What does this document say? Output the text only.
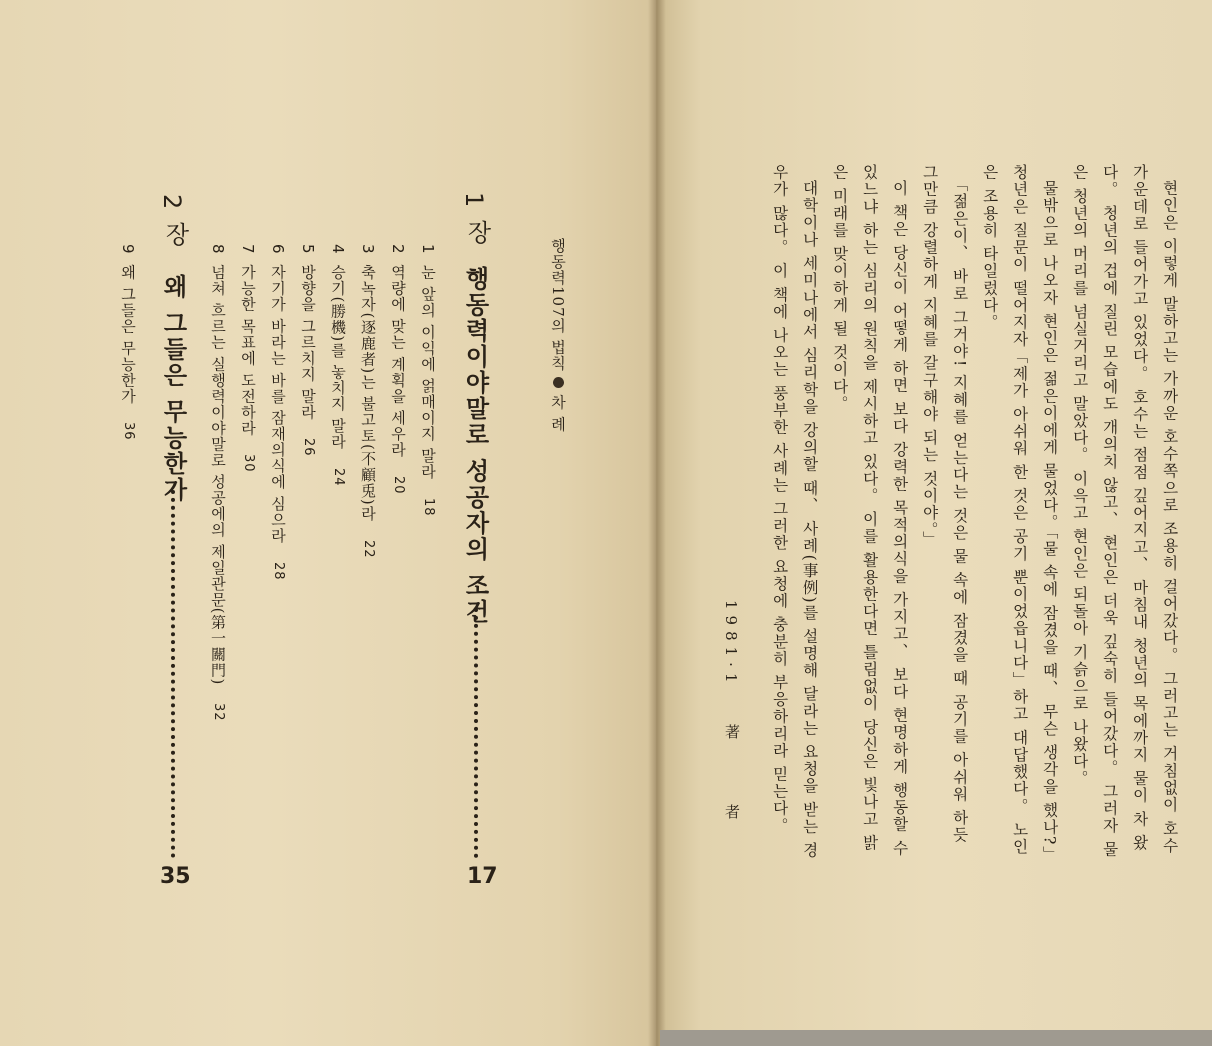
행동력107의 법칙차 례
1
장
행동력이야말로 성공자의 조건
17
1눈 앞의 이익에 얽매이지 말라18
2역량에 맞는 계획을 세우라20
3축녹자(逐鹿者)는 불고토(不顧兎)라22
4승기(勝機)를 놓치지 말라24
5방향을 그르치지 말라26
6자기가 바라는 바를 잠재의식에 심으라28
7가능한 목표에 도전하라30
8넘쳐 흐르는 실행력이야말로 성공에의 제일관문(第一關門)32
2
장
왜 그들은 무능한가
35
9왜 그들은 무능한가36	현인은 이렇게 말하고는 가까운 호수쪽으로 조용히 걸어갔다。 그러고는 거침없이 호수
가운데로 들어가고 있었다。 호수는 점점 깊어지고、 마침내 청년의 목에까지 물이 차 왔
다。 청년의 겁에 질린 모습에도 개의치 않고、 현인은 더욱 깊숙히 들어갔다。 그러자 물
은 청년의 머리를 넘실거리고 말았다。 이윽고 현인은 되돌아 기슭으로 나왔다。
물밖으로 나오자 현인은 젊은이에게 물었다。「물 속에 잠겼을 때、 무슨 생각을 했나?」
청년은 질문이 떨어지자「제가 아쉬워 한 것은 공기 뿐이었읍니다」하고 대답했다。 노인
은 조용히 타일렀다。
「젊은이、 바로 그거야! 지혜를 얻는다는 것은 물 속에 잠겼을 때 공기를 아쉬워 하듯
그만큼 강렬하게 지혜를 갈구해야 되는 것이야。」
이 책은 당신이 어떻게 하면 보다 강력한 목적의식을 가지고、 보다 현명하게 행동할 수
있느냐 하는 심리의 원칙을 제시하고 있다。 이를 활용한다면 틀림없이 당신은 빛나고 밝
은 미래를 맞이하게 될 것이다。
대학이나 세미나에서 심리학을 강의할 때、 사례(事例)를 설명해 달라는 요청을 받는 경
우가 많다。 이 책에 나오는 풍부한 사례는 그러한 요청에 충분히 부응하리라 믿는다。
1981·1
著 者
